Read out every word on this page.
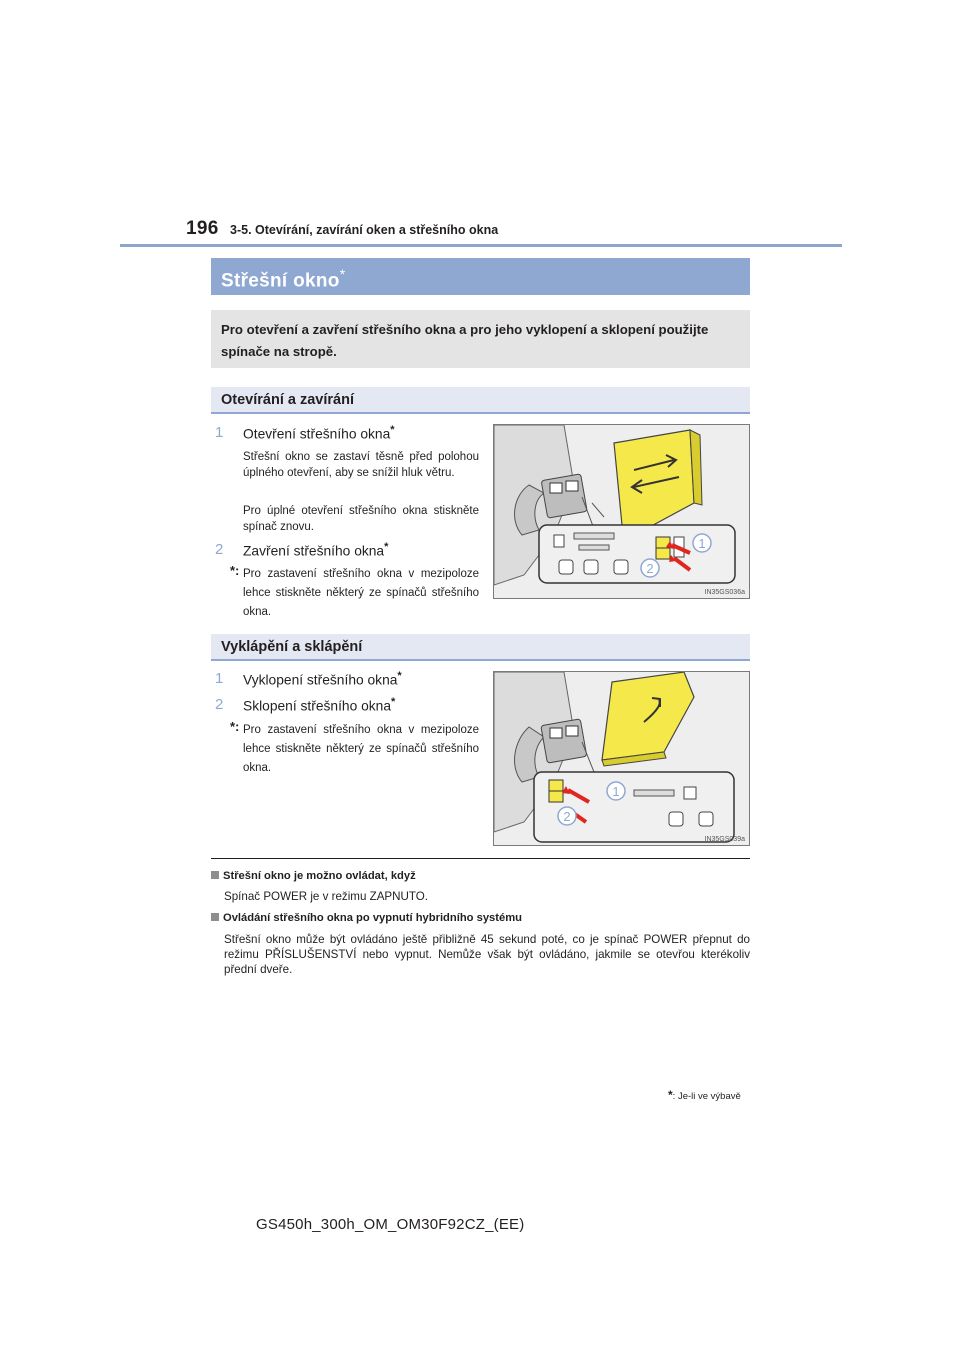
196 3-5. Otevírání, zavírání oken a střešního okna
Střešní okno*
Pro otevření a zavření střešního okna a pro jeho vyklopení a sklopení použijte spínače na stropě.
Otevírání a zavírání
1	Otevření střešního okna*
Střešní okno se zastaví těsně před polohou úplného otevření, aby se snížil hluk větru.
Pro úplné otevření střešního okna stiskněte spínač znovu.
2	Zavření střešního okna*
*: Pro zastavení střešního okna v mezipoloze lehce stiskněte některý ze spínačů střešního okna.
1
2
IN35GS036a
Vyklápění a sklápění
1	Vyklopení střešního okna*
2	Sklopení střešního okna*
*: Pro zastavení střešního okna v mezipoloze lehce stiskněte některý ze spínačů střešního okna.
1
2
IN35GS039a
Střešní okno je možno ovládat, když
Spínač POWER je v režimu ZAPNUTO.
Ovládání střešního okna po vypnutí hybridního systému
Střešní okno může být ovládáno ještě přibližně 45 sekund poté, co je spínač POWER přepnut do režimu PŘÍSLUŠENSTVÍ nebo vypnut. Nemůže však být ovládáno, jakmile se otevřou kterékoliv přední dveře.
*: Je-li ve výbavě
GS450h_300h_OM_OM30F92CZ_(EE)
